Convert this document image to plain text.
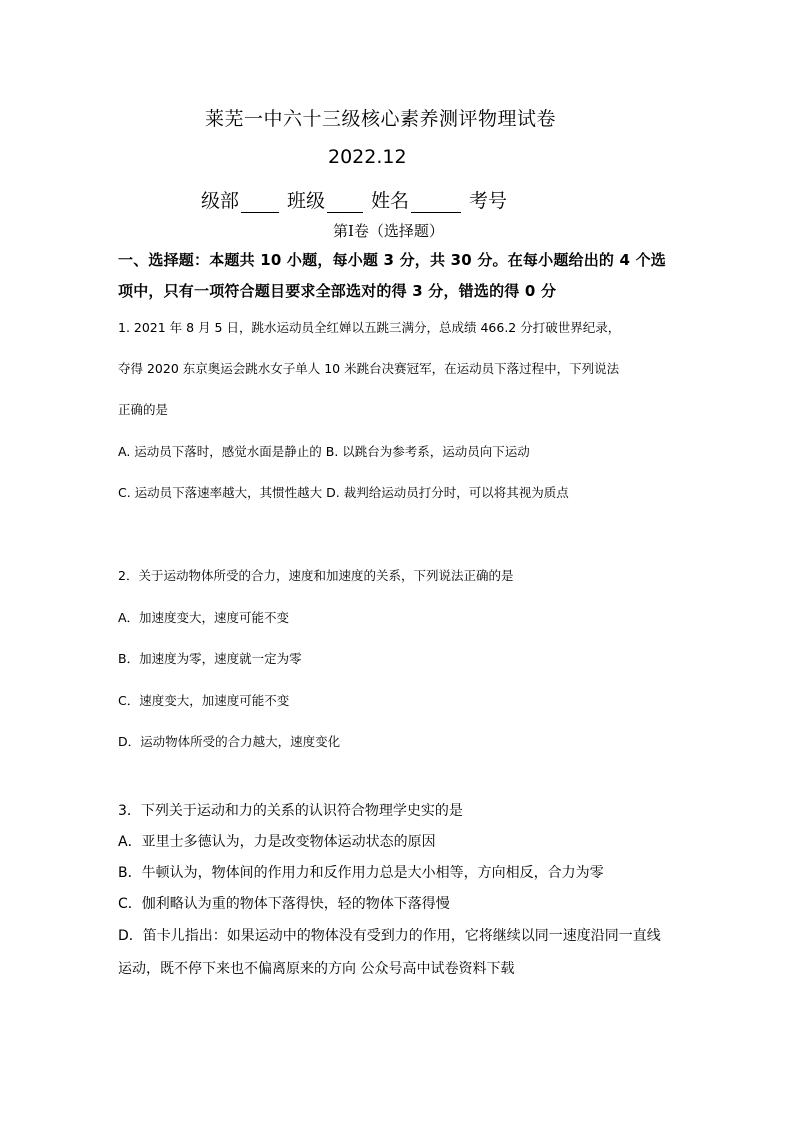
莱芜一中六十三级核心素养测评物理试卷
2022.12
级部	班级 姓名	考号
第Ⅰ卷（选择题）
一、选择题：本题共 10 小题，每小题 3 分，共 30 分。在每小题给出的 4 个选
项中，只有一项符合题目要求全部选对的得 3 分，错选的得 0 分
1. 2021 年 8 月 5 日，跳水运动员全红婵以五跳三满分，总成绩 466.2 分打破世界纪录，
夺得 2020 东京奥运会跳水女子单人 10 米跳台决赛冠军，在运动员下落过程中，下列说法
正确的是
A. 运动员下落时，感觉水面是静止的 B. 以跳台为参考系，运动员向下运动
C. 运动员下落速率越大，其惯性越大 D. 裁判给运动员打分时，可以将其视为质点
2．关于运动物体所受的合力，速度和加速度的关系，下列说法正确的是
A．加速度变大，速度可能不变
B．加速度为零，速度就一定为零
C．速度变大，加速度可能不变
D．运动物体所受的合力越大，速度变化
3．下列关于运动和力的关系的认识符合物理学史实的是
A．亚里士多德认为，力是改变物体运动状态的原因
B．牛顿认为，物体间的作用力和反作用力总是大小相等，方向相反，合力为零
C．伽利略认为重的物体下落得快，轻的物体下落得慢
D．笛卡儿指出：如果运动中的物体没有受到力的作用，它将继续以同一速度沿同一直线
运动，既不停下来也不偏离原来的方向 公众号高中试卷资料下载
